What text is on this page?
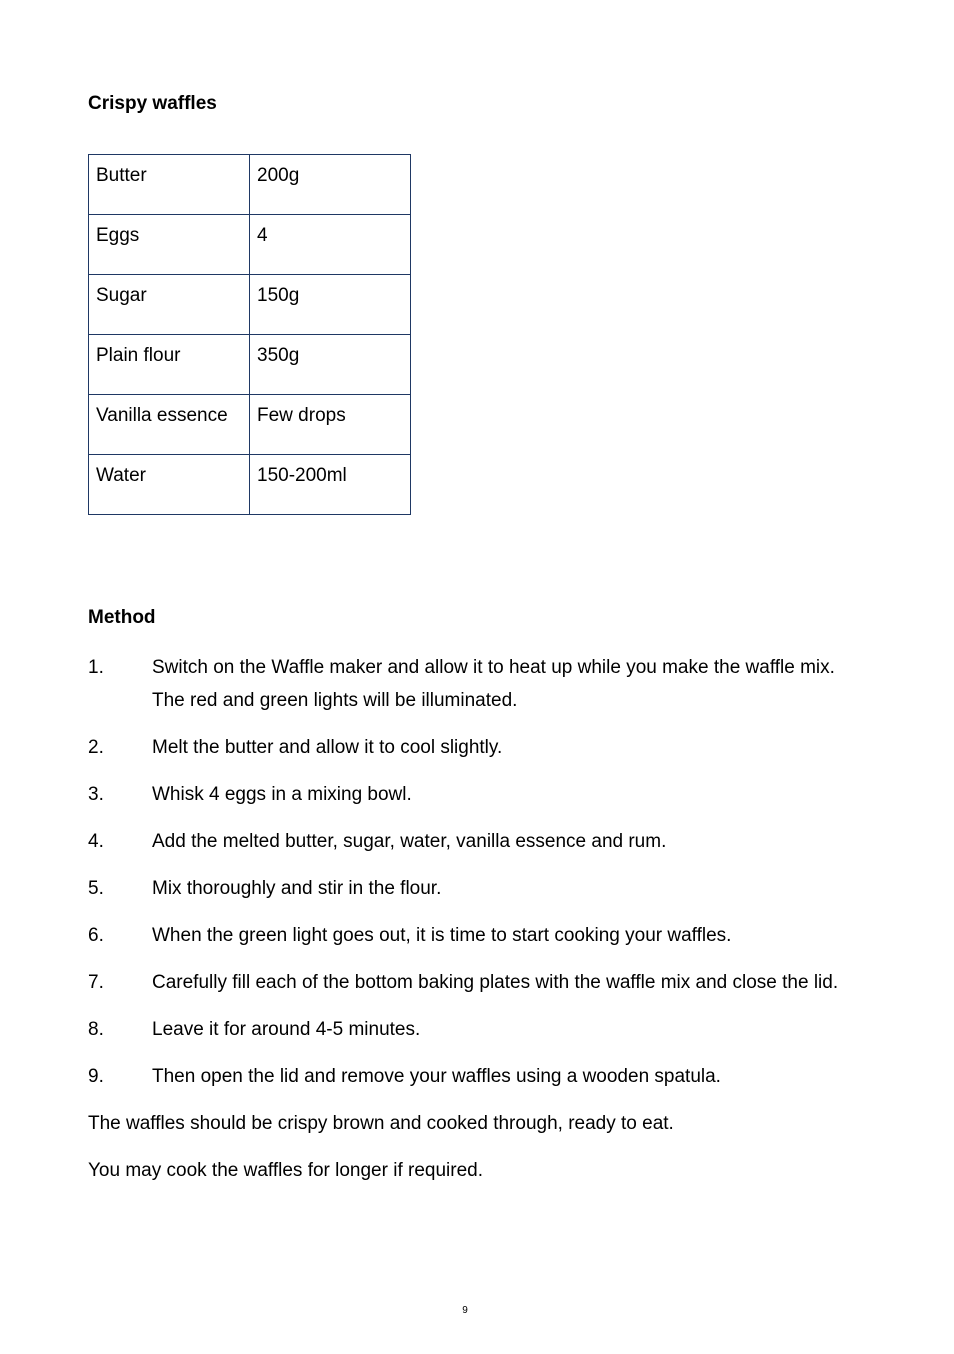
Crispy waffles
Butter	200g
Eggs	4
Sugar	150g
Plain flour	350g
Vanilla essence	Few drops
Water	150-200ml
Method
1.	Switch on the Waffle maker and allow it to heat up while you make the waffle mix. The red and green lights will be illuminated.
2.	Melt the butter and allow it to cool slightly.
3.	Whisk 4 eggs in a mixing bowl.
4.	Add the melted butter, sugar, water, vanilla essence and rum.
5.	Mix thoroughly and stir in the flour.
6.	When the green light goes out, it is time to start cooking your waffles.
7.	Carefully fill each of the bottom baking plates with the waffle mix and close the lid.
8.	Leave it for around 4-5 minutes.
9.	Then open the lid and remove your waffles using a wooden spatula.
The waffles should be crispy brown and cooked through, ready to eat.
You may cook the waffles for longer if required.
9
